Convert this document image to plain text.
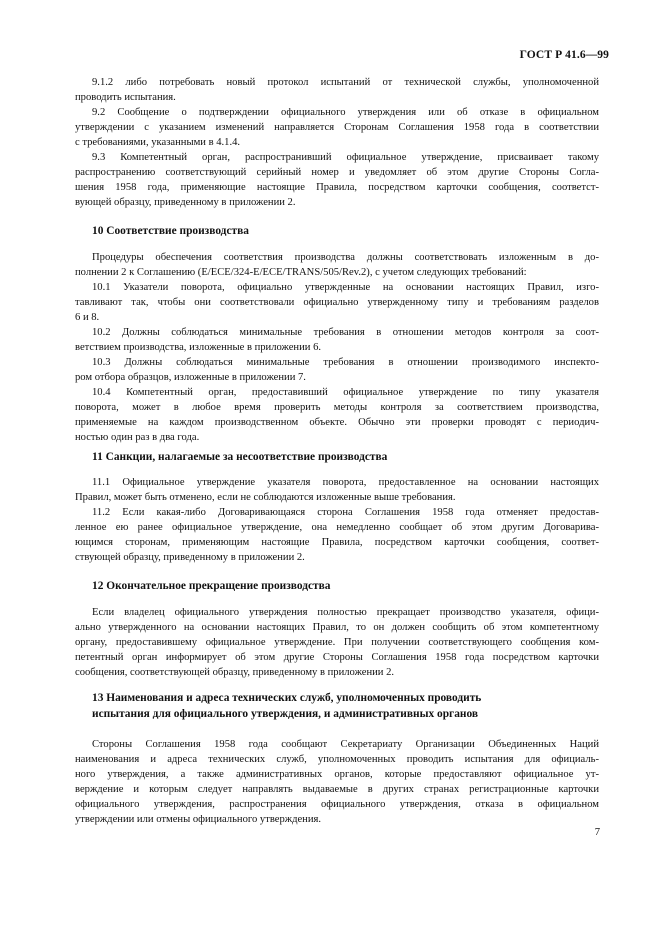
ГОСТ Р 41.6—99
9.1.2 либо потребовать новый протокол испытаний от технической службы, уполномоченной
проводить испытания.
9.2 Сообщение о подтверждении официального утверждения или об отказе в официальном
утверждении с указанием изменений направляется Сторонам Соглашения 1958 года в соответствии
с требованиями, указанными в 4.1.4.
9.3 Компетентный орган, распространивший официальное утверждение, присваивает такому
распространению соответствующий серийный номер и уведомляет об этом другие Стороны Согла-
шения 1958 года, применяющие настоящие Правила, посредством карточки сообщения, соответст-
вующей образцу, приведенному в приложении 2.
10 Соответствие производства
Процедуры обеспечения соответствия производства должны соответствовать изложенным в до-
полнении 2 к Соглашению (E/ECE/324-E/ECE/TRANS/505/Rev.2), с учетом следующих требований:
10.1 Указатели поворота, официально утвержденные на основании настоящих Правил, изго-
тавливают так, чтобы они соответствовали официально утвержденному типу и требованиям разделов
6 и 8.
10.2 Должны соблюдаться минимальные требования в отношении методов контроля за соот-
ветствием производства, изложенные в приложении 6.
10.3 Должны соблюдаться минимальные требования в отношении производимого инспекто-
ром отбора образцов, изложенные в приложении 7.
10.4 Компетентный орган, предоставивший официальное утверждение по типу указателя
поворота, может в любое время проверить методы контроля за соответствием производства,
применяемые на каждом производственном объекте. Обычно эти проверки проводят с периодич-
ностью один раз в два года.
11 Санкции, налагаемые за несоответствие производства
11.1 Официальное утверждение указателя поворота, предоставленное на основании настоящих
Правил, может быть отменено, если не соблюдаются изложенные выше требования.
11.2 Если какая-либо Договаривающаяся сторона Соглашения 1958 года отменяет предостав-
ленное ею ранее официальное утверждение, она немедленно сообщает об этом другим Договарива-
ющимся сторонам, применяющим настоящие Правила, посредством карточки сообщения, соответ-
ствующей образцу, приведенному в приложении 2.
12 Окончательное прекращение производства
Если владелец официального утверждения полностью прекращает производство указателя, офици-
ально утвержденного на основании настоящих Правил, то он должен сообщить об этом компетентному
органу, предоставившему официальное утверждение. При получении соответствующего сообщения ком-
петентный орган информирует об этом другие Стороны Соглашения 1958 года посредством карточки
сообщения, соответствующей образцу, приведенному в приложении 2.
13 Наименования и адреса технических служб, уполномоченных проводить
испытания для официального утверждения, и административных органов
Стороны Соглашения 1958 года сообщают Секретариату Организации Объединенных Наций
наименования и адреса технических служб, уполномоченных проводить испытания для официаль-
ного утверждения, а также административных органов, которые предоставляют официальное ут-
верждение и которым следует направлять выдаваемые в других странах регистрационные карточки
официального утверждения, распространения официального утверждения, отказа в официальном
утверждении или отмены официального утверждения.
7
